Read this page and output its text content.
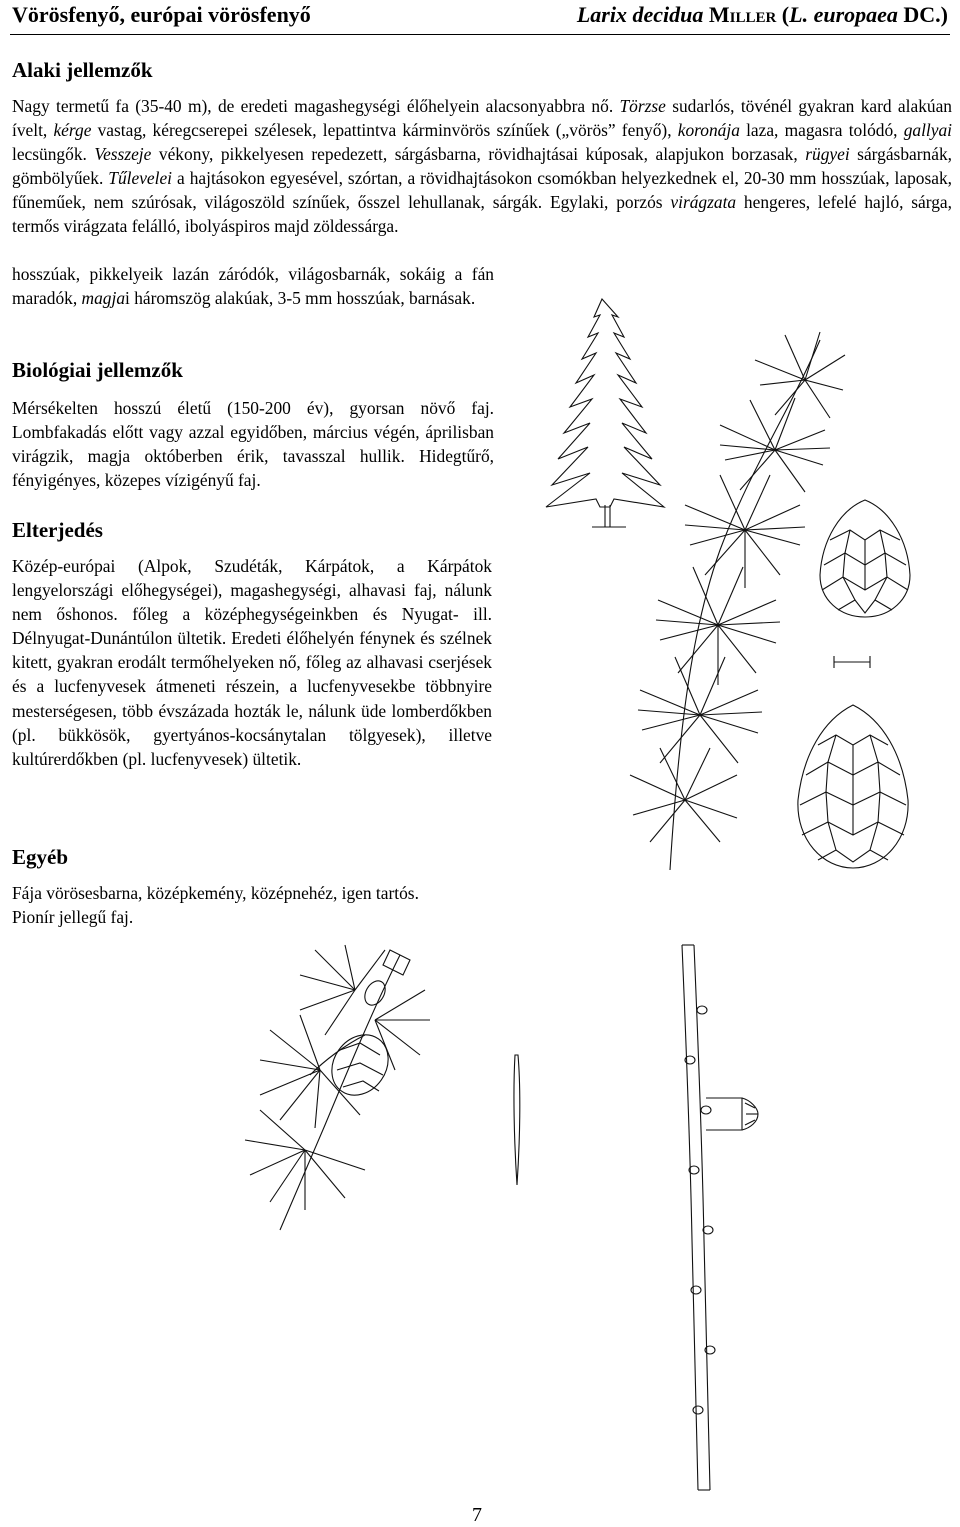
Vörösfenyő, európai vörösfenyő	Larix decidua Miller (L. europaea DC.)
Alaki jellemzők

Nagy termetű fa (35-40 m), de eredeti magashegységi élőhelyein alacsonyabbra nő. Törzse sudarlós, tövénél gyakran kard alakúan ívelt, kérge vastag, kéregcserepei szélesek, lepattintva kárminvörös színűek („vörös” fenyő), koronája laza, magasra tolódó, gallyai lecsüngők. Vesszeje vékony, pikkelyesen repedezett, sárgásbarna, rövidhajtásai kúposak, alapjukon borzasak, rügyei sárgásbarnák, gömbölyűek. Tűlevelei a hajtásokon egyesével, szórtan, a rövidhajtásokon csomókban helyezkednek el, 20-30 mm hosszúak, laposak, fűneműek, nem szúrósak, világoszöld színűek, ősszel lehullanak, sárgák. Egylaki, porzós virágzata hengeres, lefelé hajló, sárga, termős virágzata felálló, ibolyáspiros majd zöldessárga.

hosszúak, pikkelyeik lazán záródók, világosbarnák, sokáig a fán maradók, magjai háromszög alakúak, 3-5 mm hosszúak, barnásak.

Biológiai jellemzők

Mérsékelten hosszú életű (150-200 év), gyorsan növő faj. Lombfakadás előtt vagy azzal egyidőben, március végén, áprilisban virágzik, magja októberben érik, tavasszal hullik. Hidegtűrő, fényigényes, közepes vízigényű faj.

Elterjedés

Közép-európai (Alpok, Szudéták, Kárpátok, a Kárpátok lengyelországi előhegységei), magashegységi, alhavasi faj, nálunk nem őshonos. főleg a középhegységeinkben és Nyugat- ill. Délnyugat-Dunántúlon ültetik. Eredeti élőhelyén fénynek és szélnek kitett, gyakran erodált termőhelyeken nő, főleg az alhavasi cserjések és a lucfenyvesek átmeneti részein, a lucfenyvesekbe többnyire mesterségesen, több évszázada hozták le, nálunk üde lomberdőkben (pl. bükkösök, gyertyános-kocsánytalan tölgyesek), illetve kultúrerdőkben (pl. lucfenyvesek) ültetik.

Egyéb

Fája vörösesbarna, középkemény, középnehéz, igen tartós. Pionír jellegű faj.

7
